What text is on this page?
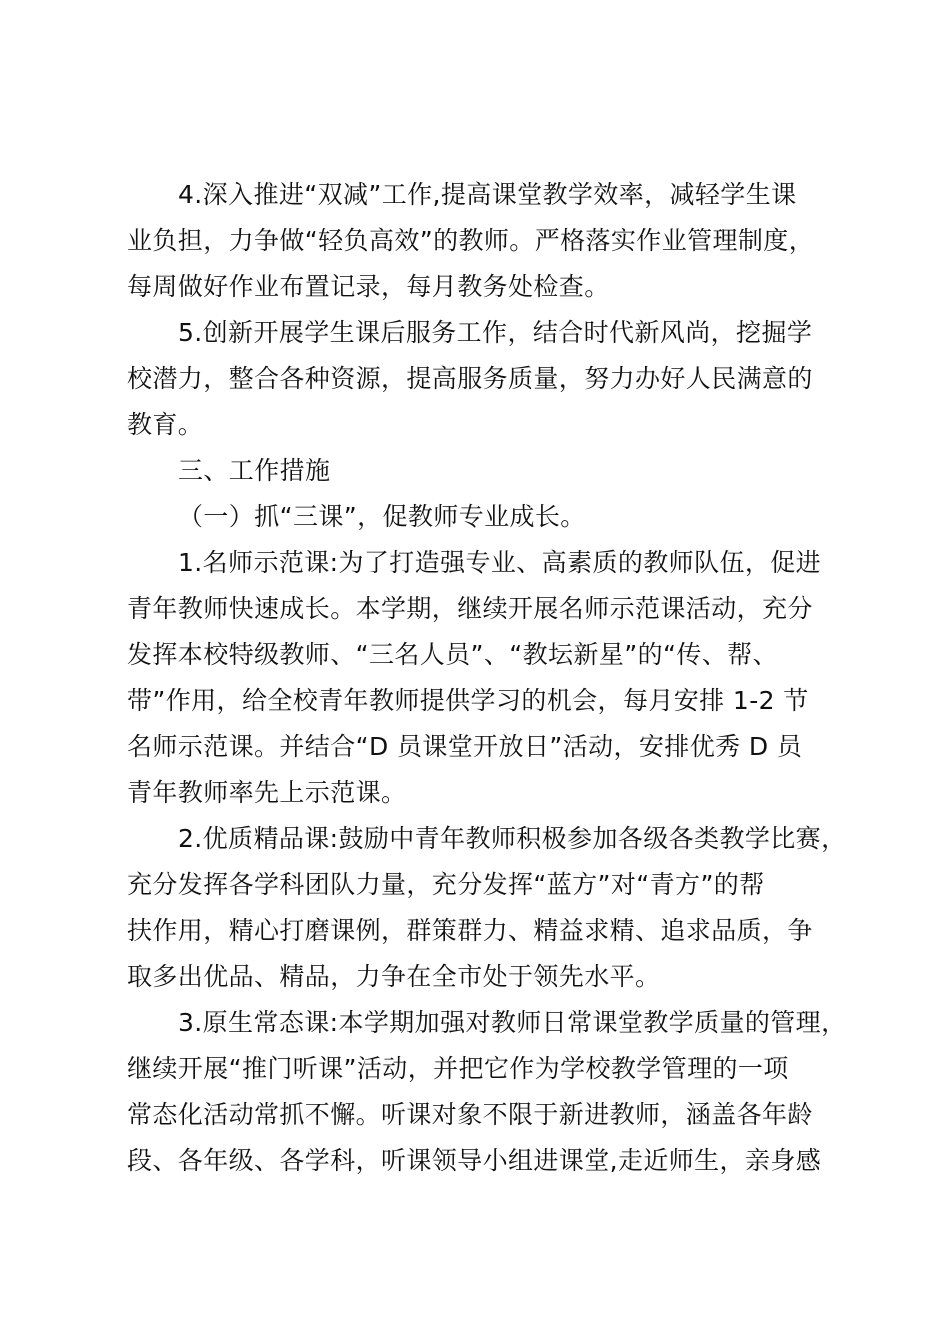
4.深入推进“双减”工作,提高课堂教学效率，减轻学生课
业负担，力争做“轻负高效”的教师。严格落实作业管理制度，
每周做好作业布置记录，每月教务处检查。
5.创新开展学生课后服务工作，结合时代新风尚，挖掘学
校潜力，整合各种资源，提高服务质量，努力办好人民满意的
教育。
三、工作措施
（一）抓“三课”，促教师专业成长。
1.名师示范课:为了打造强专业、高素质的教师队伍，促进
青年教师快速成长。本学期，继续开展名师示范课活动，充分
发挥本校特级教师、“三名人员”、“教坛新星”的“传、帮、
带”作用，给全校青年教师提供学习的机会，每月安排 1-2 节
名师示范课。并结合“D 员课堂开放日”活动，安排优秀 D 员
青年教师率先上示范课。
2.优质精品课:鼓励中青年教师积极参加各级各类教学比赛，
充分发挥各学科团队力量，充分发挥“蓝方”对“青方”的帮
扶作用，精心打磨课例，群策群力、精益求精、追求品质，争
取多出优品、精品，力争在全市处于领先水平。
3.原生常态课:本学期加强对教师日常课堂教学质量的管理，
继续开展“推门听课”活动，并把它作为学校教学管理的一项
常态化活动常抓不懈。听课对象不限于新进教师，涵盖各年龄
段、各年级、各学科，听课领导小组进课堂,走近师生，亲身感
